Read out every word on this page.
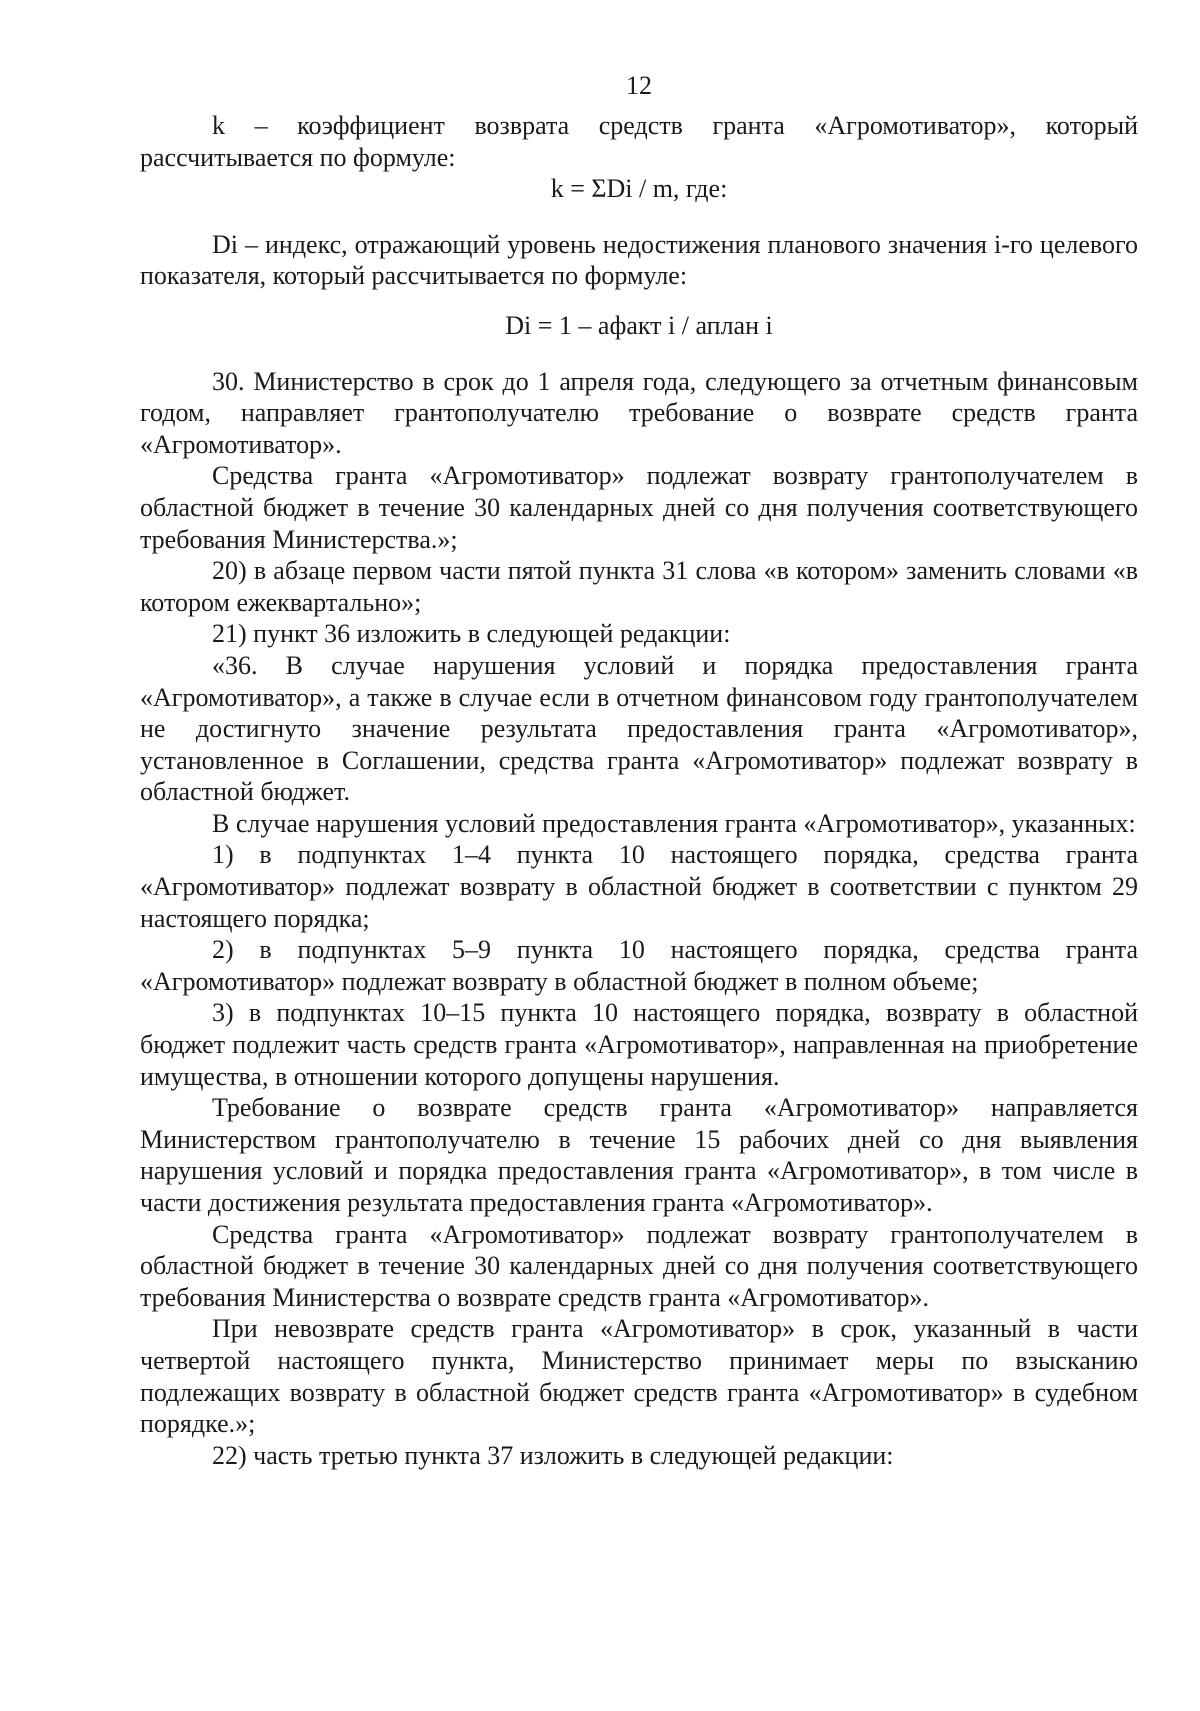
12

k – коэффициент возврата средств гранта «Агромотиватор», который рассчитывается по формуле:

k = ΣDi / m, где:

Di – индекс, отражающий уровень недостижения планового значения i-го целевого показателя, который рассчитывается по формуле:

Di = 1 – афакт i / аплан i

30. Министерство в срок до 1 апреля года, следующего за отчетным финансовым годом, направляет грантополучателю требование о возврате средств гранта «Агромотиватор».

Средства гранта «Агромотиватор» подлежат возврату грантополучателем в областной бюджет в течение 30 календарных дней со дня получения соответствующего требования Министерства.»;

20) в абзаце первом части пятой пункта 31 слова «в котором» заменить словами «в котором ежеквартально»;

21) пункт 36 изложить в следующей редакции:

«36. В случае нарушения условий и порядка предоставления гранта «Агромотиватор», а также в случае если в отчетном финансовом году грантополучателем не достигнуто значение результата предоставления гранта «Агромотиватор», установленное в Соглашении, средства гранта «Агромотиватор» подлежат возврату в областной бюджет.

В случае нарушения условий предоставления гранта «Агромотиватор», указанных:

1) в подпунктах 1–4 пункта 10 настоящего порядка, средства гранта «Агромотиватор» подлежат возврату в областной бюджет в соответствии с пунктом 29 настоящего порядка;

2) в подпунктах 5–9 пункта 10 настоящего порядка, средства гранта «Агромотиватор» подлежат возврату в областной бюджет в полном объеме;

3) в подпунктах 10–15 пункта 10 настоящего порядка, возврату в областной бюджет подлежит часть средств гранта «Агромотиватор», направленная на приобретение имущества, в отношении которого допущены нарушения.

Требование о возврате средств гранта «Агромотиватор» направляется Министерством грантополучателю в течение 15 рабочих дней со дня выявления нарушения условий и порядка предоставления гранта «Агромотиватор», в том числе в части достижения результата предоставления гранта «Агромотиватор».

Средства гранта «Агромотиватор» подлежат возврату грантополучателем в областной бюджет в течение 30 календарных дней со дня получения соответствующего требования Министерства о возврате средств гранта «Агромотиватор».

При невозврате средств гранта «Агромотиватор» в срок, указанный в части четвертой настоящего пункта, Министерство принимает меры по взысканию подлежащих возврату в областной бюджет средств гранта «Агромотиватор» в судебном порядке.»;

22) часть третью пункта 37 изложить в следующей редакции:
